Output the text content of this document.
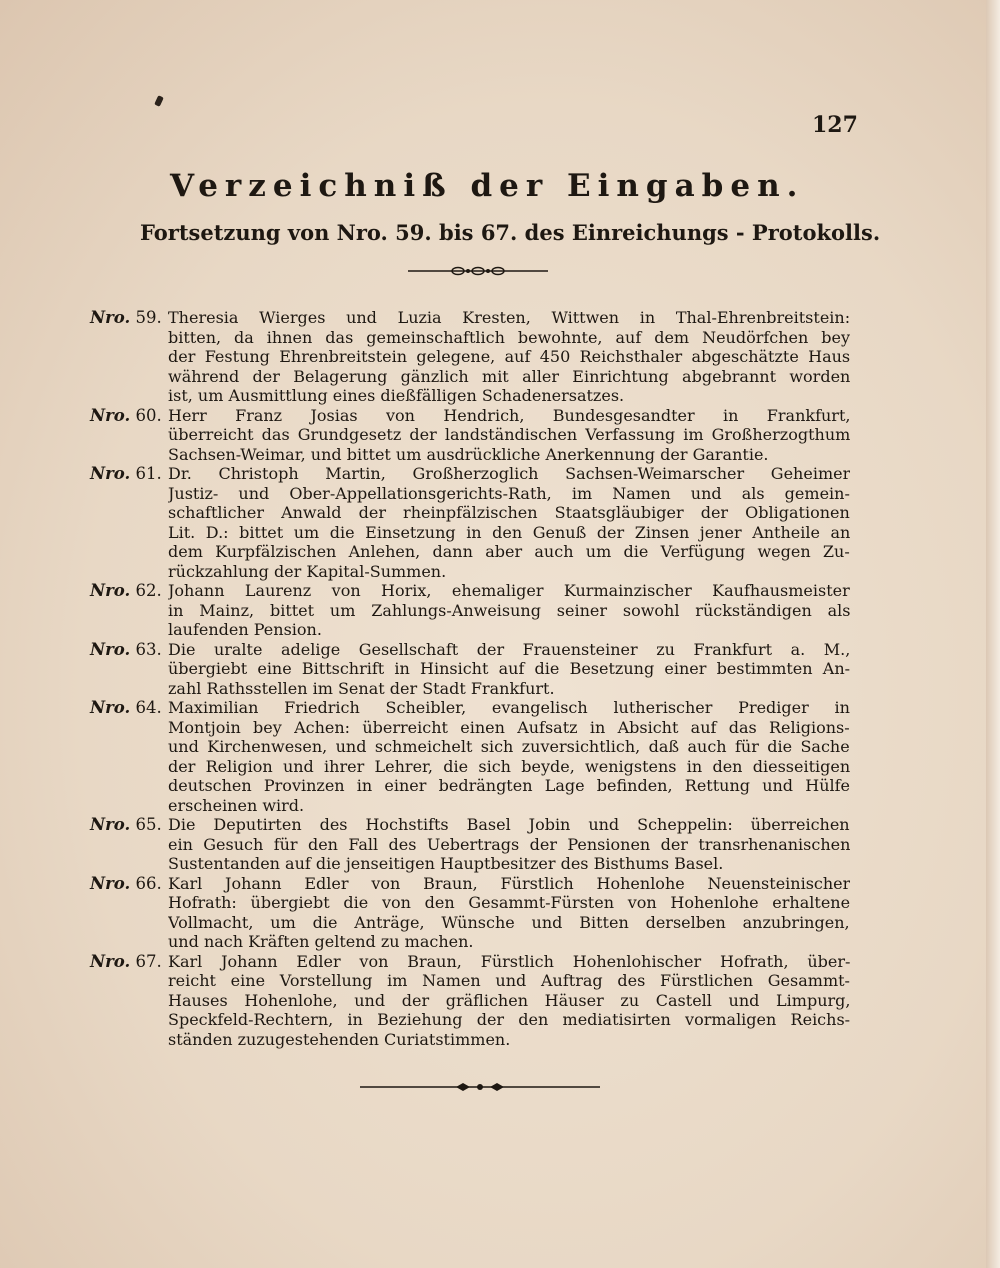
127
Verzeichniß der Eingaben.
Fortsetzung von Nro. 59. bis 67. des Einreichungs - Protokolls.
Nro. 59. Theresia Wierges und Luzia Kresten, Wittwen in Thal-Ehrenbreitstein:
bitten, da ihnen das gemeinschaftlich bewohnte, auf dem Neudörfchen bey
der Festung Ehrenbreitstein gelegene, auf 450 Reichsthaler abgeschätzte Haus
während der Belagerung gänzlich mit aller Einrichtung abgebrannt worden
ist, um Ausmittlung eines dießfälligen Schadenersatzes.
Nro. 60. Herr Franz Josias von Hendrich, Bundesgesandter in Frankfurt,
überreicht das Grundgesetz der landständischen Verfassung im Großherzogthum
Sachsen-Weimar, und bittet um ausdrückliche Anerkennung der Garantie.
Nro. 61. Dr. Christoph Martin, Großherzoglich Sachsen-Weimarscher Geheimer
Justiz- und Ober-Appellationsgerichts-Rath, im Namen und als gemein-
schaftlicher Anwald der rheinpfälzischen Staatsgläubiger der Obligationen
Lit. D.: bittet um die Einsetzung in den Genuß der Zinsen jener Antheile an
dem Kurpfälzischen Anlehen, dann aber auch um die Verfügung wegen Zu-
rückzahlung der Kapital-Summen.
Nro. 62. Johann Laurenz von Horix, ehemaliger Kurmainzischer Kaufhausmeister
in Mainz, bittet um Zahlungs-Anweisung seiner sowohl rückständigen als
laufenden Pension.
Nro. 63. Die uralte adelige Gesellschaft der Frauensteiner zu Frankfurt a. M.,
übergiebt eine Bittschrift in Hinsicht auf die Besetzung einer bestimmten An-
zahl Rathsstellen im Senat der Stadt Frankfurt.
Nro. 64. Maximilian Friedrich Scheibler, evangelisch lutherischer Prediger in
Montjoin bey Achen: überreicht einen Aufsatz in Absicht auf das Religions-
und Kirchenwesen, und schmeichelt sich zuversichtlich, daß auch für die Sache
der Religion und ihrer Lehrer, die sich beyde, wenigstens in den diesseitigen
deutschen Provinzen in einer bedrängten Lage befinden, Rettung und Hülfe
erscheinen wird.
Nro. 65. Die Deputirten des Hochstifts Basel Jobin und Scheppelin: überreichen
ein Gesuch für den Fall des Uebertrags der Pensionen der transrhenanischen
Sustentanden auf die jenseitigen Hauptbesitzer des Bisthums Basel.
Nro. 66. Karl Johann Edler von Braun, Fürstlich Hohenlohe Neuensteinischer
Hofrath: übergiebt die von den Gesammt-Fürsten von Hohenlohe erhaltene
Vollmacht, um die Anträge, Wünsche und Bitten derselben anzubringen,
und nach Kräften geltend zu machen.
Nro. 67. Karl Johann Edler von Braun, Fürstlich Hohenlohischer Hofrath, über-
reicht eine Vorstellung im Namen und Auftrag des Fürstlichen Gesammt-
Hauses Hohenlohe, und der gräflichen Häuser zu Castell und Limpurg,
Speckfeld-Rechtern, in Beziehung der den mediatisirten vormaligen Reichs-
ständen zuzugestehenden Curiatstimmen.
